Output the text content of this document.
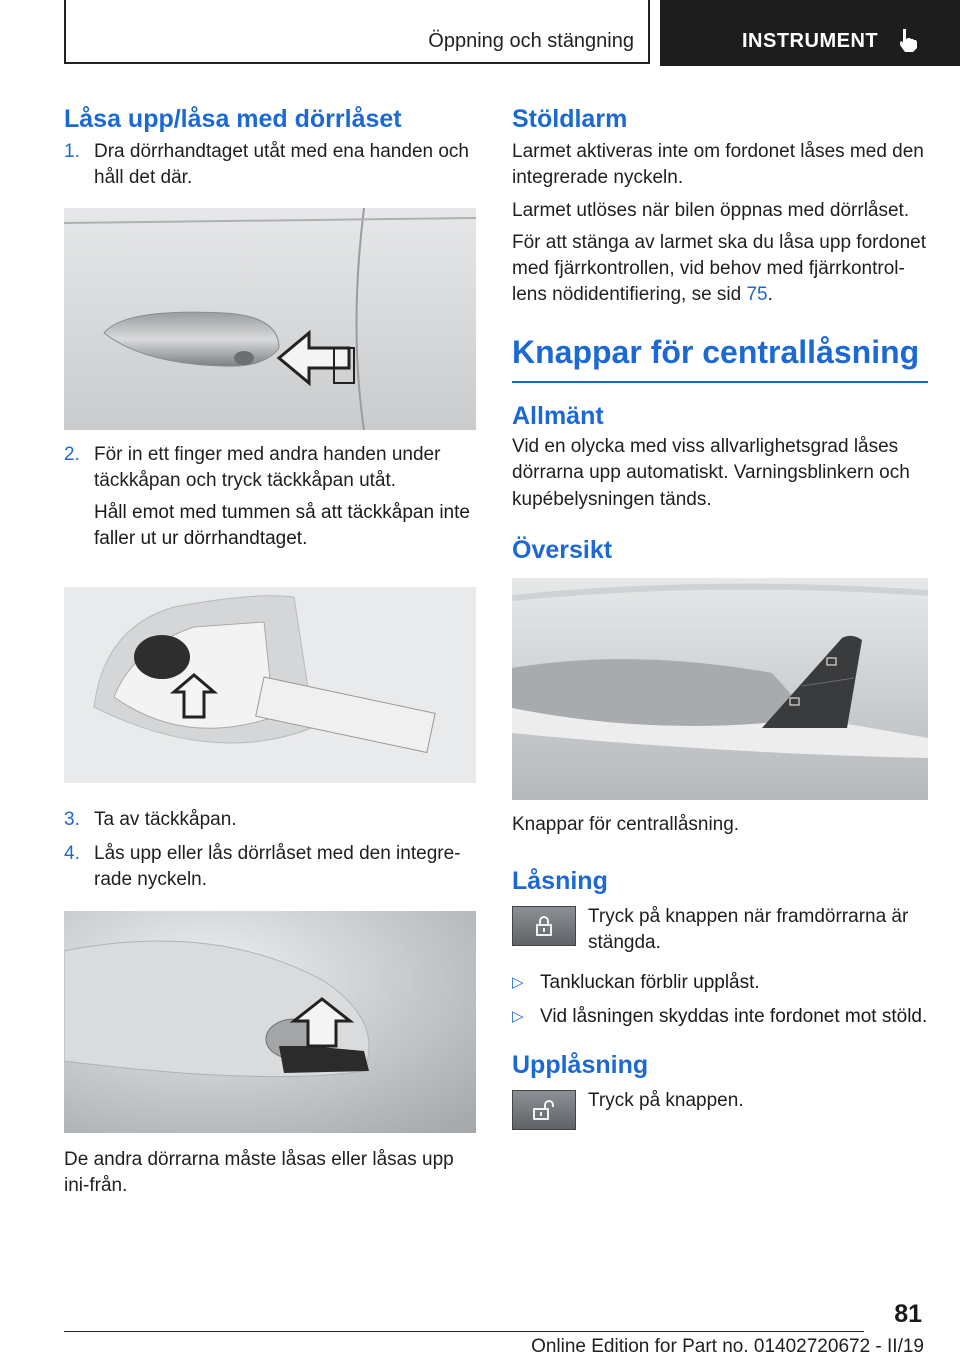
Öppning och stängning	INSTRUMENT
Låsa upp/låsa med dörrlåset
1. Dra dörrhandtaget utåt med ena handen och håll det där.
2. För in ett finger med andra handen under täckkåpan och tryck täckkåpan utåt.

Håll emot med tummen så att täckkåpan inte faller ut ur dörrhandtaget.

3. Ta av täckkåpan.
4. Lås upp eller lås dörrlåset med den integre‐rade nyckeln.

De andra dörrarna måste låsas eller låsas upp ini‐från.

Stöldlarm

Larmet aktiveras inte om fordonet låses med den integrerade nyckeln.

Larmet utlöses när bilen öppnas med dörrlåset.

För att stänga av larmet ska du låsa upp fordonet med fjärrkontrollen, vid behov med fjärrkontrol‐lens nödidentifiering, se sid 75.

Knappar för centrallåsning
Allmänt

Vid en olycka med viss allvarlighetsgrad låses dörrarna upp automatiskt. Varningsblinkern och kupébelysningen tänds.

Översikt

Knappar för centrallåsning.

Låsning

Tryck på knappen när framdörrarna är stängda.

▷ Tankluckan förblir upplåst.
▷ Vid låsningen skyddas inte fordonet mot stöld.
Upplåsning

Tryck på knappen.

81
Online Edition for Part no. 01402720672 - II/19
